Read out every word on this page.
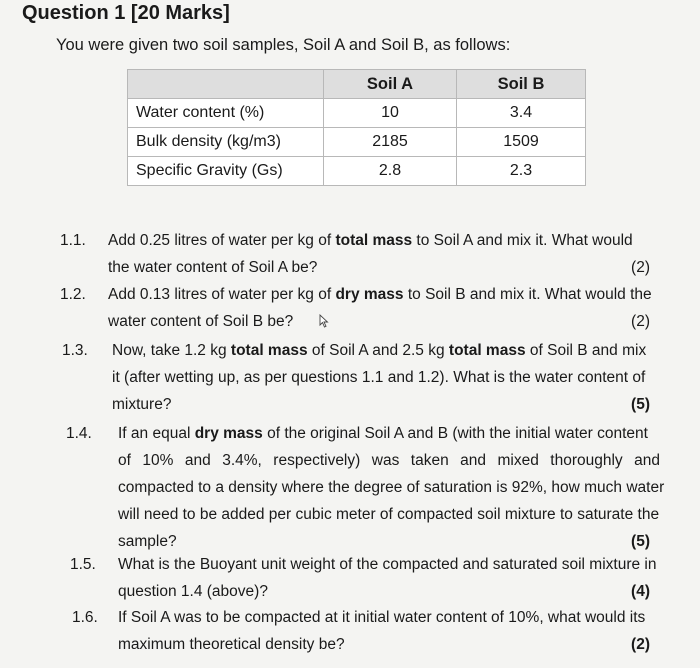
Question 1 [20 Marks]
You were given two soil samples, Soil A and Soil B, as follows:
	Soil A	Soil B
Water content (%)	10	3.4
Bulk density (kg/m3)	2185	1509
Specific Gravity (Gs)	2.8	2.3
1.1. Add 0.25 litres of water per kg of total mass to Soil A and mix it. What would

the water content of Soil A be?	(2)
1.2. Add 0.13 litres of water per kg of dry mass to Soil B and mix it. What would the

water content of Soil B be?	(2)
1.3. Now, take 1.2 kg total mass of Soil A and 2.5 kg total mass of Soil B and mix

it (after wetting up, as per questions 1.1 and 1.2). What is the water content of

mixture?	(5)
1.4. If an equal dry mass of the original Soil A and B (with the initial water content

of 10% and 3.4%, respectively) was taken and mixed thoroughly and

compacted to a density where the degree of saturation is 92%, how much water

will need to be added per cubic meter of compacted soil mixture to saturate the

sample?	(5)
1.5. What is the Buoyant unit weight of the compacted and saturated soil mixture in

question 1.4 (above)?	(4)
1.6. If Soil A was to be compacted at it initial water content of 10%, what would its

maximum theoretical density be?	(2)
